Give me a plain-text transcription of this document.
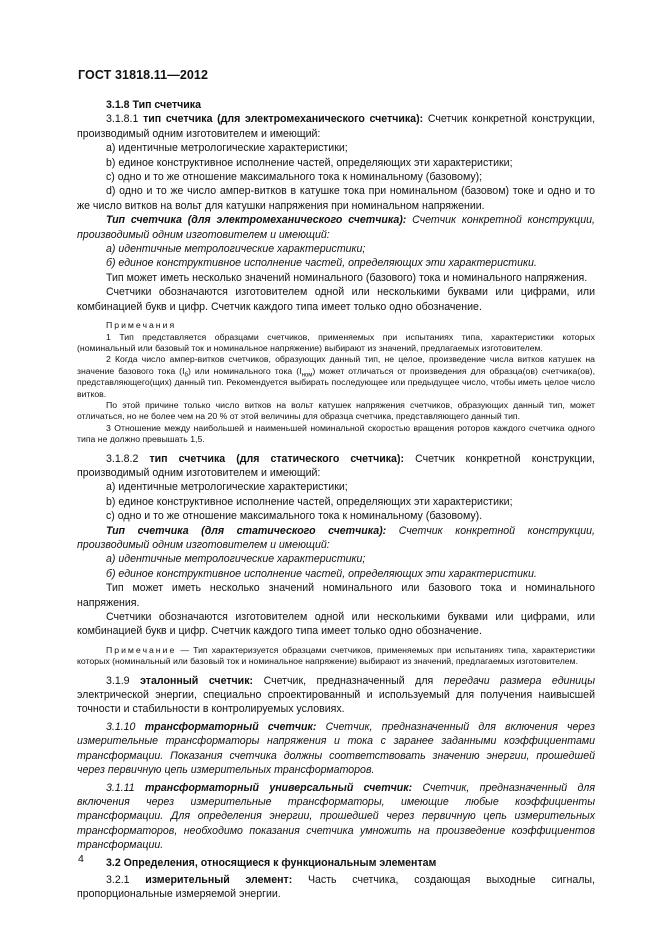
ГОСТ 31818.11—2012

3.1.8 Тип счетчика

3.1.8.1 тип счетчика (для электромеханического счетчика): Счетчик конкретной конструкции, производимый одним изготовителем и имеющий:

a) идентичные метрологические характеристики;

b) единое конструктивное исполнение частей, определяющих эти характеристики;

c) одно и то же отношение максимального тока к номинальному (базовому);

d) одно и то же число ампер-витков в катушке тока при номинальном (базовом) токе и одно и то же число витков на вольт для катушки напряжения при номинальном напряжении.

Тип счетчика (для электромеханического счетчика): Счетчик конкретной конструкции, производимый одним изготовителем и имеющий:

а) идентичные метрологические характеристики;

б) единое конструктивное исполнение частей, определяющих эти характеристики.

Тип может иметь несколько значений номинального (базового) тока и номинального напряжения.

Счетчики обозначаются изготовителем одной или несколькими буквами или цифрами, или комбинацией букв и цифр. Счетчик каждого типа имеет только одно обозначение.

Примечания

1 Тип представляется образцами счетчиков, применяемых при испытаниях типа, характеристики которых (номинальный или базовый ток и номинальное напряжение) выбирают из значений, предлагаемых изготовителем.

2 Когда число ампер-витков счетчиков, образующих данный тип, не целое, произведение числа витков катушек на значение базового тока $(I_б)$ или номинального тока $(I_{ном})$ может отличаться от произведения для образца(ов) счетчика(ов), представляющего(щих) данный тип. Рекомендуется выбирать последующее или предыдущее число, чтобы иметь целое число витков.

По этой причине только число витков на вольт катушек напряжения счетчиков, образующих данный тип, может отличаться, но не более чем на 20 % от этой величины для образца счетчика, представляющего данный тип.

3 Отношение между наибольшей и наименьшей номинальной скоростью вращения роторов каждого счетчика одного типа не должно превышать 1,5.

3.1.8.2 тип счетчика (для статического счетчика): Счетчик конкретной конструкции, производимый одним изготовителем и имеющий:

a) идентичные метрологические характеристики;

b) единое конструктивное исполнение частей, определяющих эти характеристики;

c) одно и то же отношение максимального тока к номинальному (базовому).

Тип счетчика (для статического счетчика): Счетчик конкретной конструкции, производимый одним изготовителем и имеющий:

а) идентичные метрологические характеристики;

б) единое конструктивное исполнение частей, определяющих эти характеристики.

Тип может иметь несколько значений номинального или базового тока и номинального напряжения.

Счетчики обозначаются изготовителем одной или несколькими буквами или цифрами, или комбинацией букв и цифр. Счетчик каждого типа имеет только одно обозначение.

Примечание — Тип характеризуется образцами счетчиков, применяемых при испытаниях типа, характеристики которых (номинальный или базовый ток и номинальное напряжение) выбирают из значений, предлагаемых изготовителем.

3.1.9 эталонный счетчик: Счетчик, предназначенный для передачи размера единицы электрической энергии, специально спроектированный и используемый для получения наивысшей точности и стабильности в контролируемых условиях.

3.1.10 трансформаторный счетчик: Счетчик, предназначенный для включения через измерительные трансформаторы напряжения и тока с заранее заданными коэффициентами трансформации. Показания счетчика должны соответствовать значению энергии, прошедшей через первичную цепь измерительных трансформаторов.

3.1.11 трансформаторный универсальный счетчик: Счетчик, предназначенный для включения через измерительные трансформаторы, имеющие любые коэффициенты трансформации. Для определения энергии, прошедшей через первичную цепь измерительных трансформаторов, необходимо показания счетчика умножить на произведение коэффициентов трансформации.

3.2 Определения, относящиеся к функциональным элементам

3.2.1 измерительный элемент: Часть счетчика, создающая выходные сигналы, пропорциональные измеряемой энергии.

4
